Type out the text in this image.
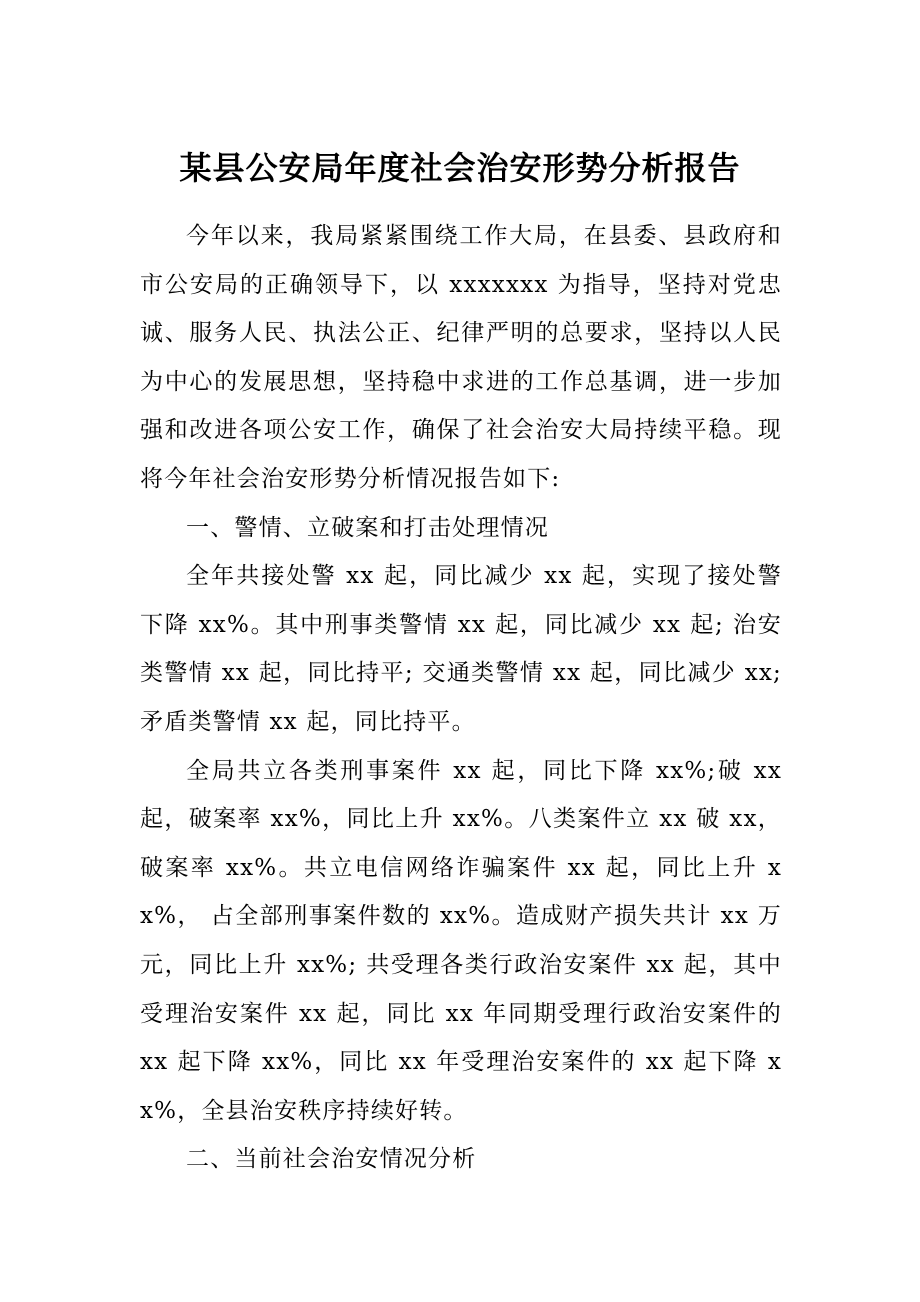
某县公安局年度社会治安形势分析报告

今年以来，我局紧紧围绕工作大局，在县委、县政府和市公安局的正确领导下，以 xxxxxxx 为指导，坚持对党忠诚、服务人民、执法公正、纪律严明的总要求，坚持以人民为中心的发展思想，坚持稳中求进的工作总基调，进一步加强和改进各项公安工作，确保了社会治安大局持续平稳。现将今年社会治安形势分析情况报告如下:

一、警情、立破案和打击处理情况

全年共接处警 xx 起，同比减少 xx 起，实现了接处警下降 xx%。其中刑事类警情 xx 起，同比减少 xx 起; 治安类警情 xx 起，同比持平; 交通类警情 xx 起，同比减少 xx; 矛盾类警情 xx 起，同比持平。

全局共立各类刑事案件 xx 起，同比下降 xx%;破 xx 起，破案率 xx%，同比上升 xx%。八类案件立 xx 破 xx，破案率 xx%。共立电信网络诈骗案件 xx 起，同比上升 xx%， 占全部刑事案件数的 xx%。造成财产损失共计 xx 万元，同比上升 xx%; 共受理各类行政治安案件 xx 起，其中受理治安案件 xx 起，同比 xx 年同期受理行政治安案件的 xx 起下降 xx%，同比 xx 年受理治安案件的 xx 起下降 xx%，全县治安秩序持续好转。

二、当前社会治安情况分析
